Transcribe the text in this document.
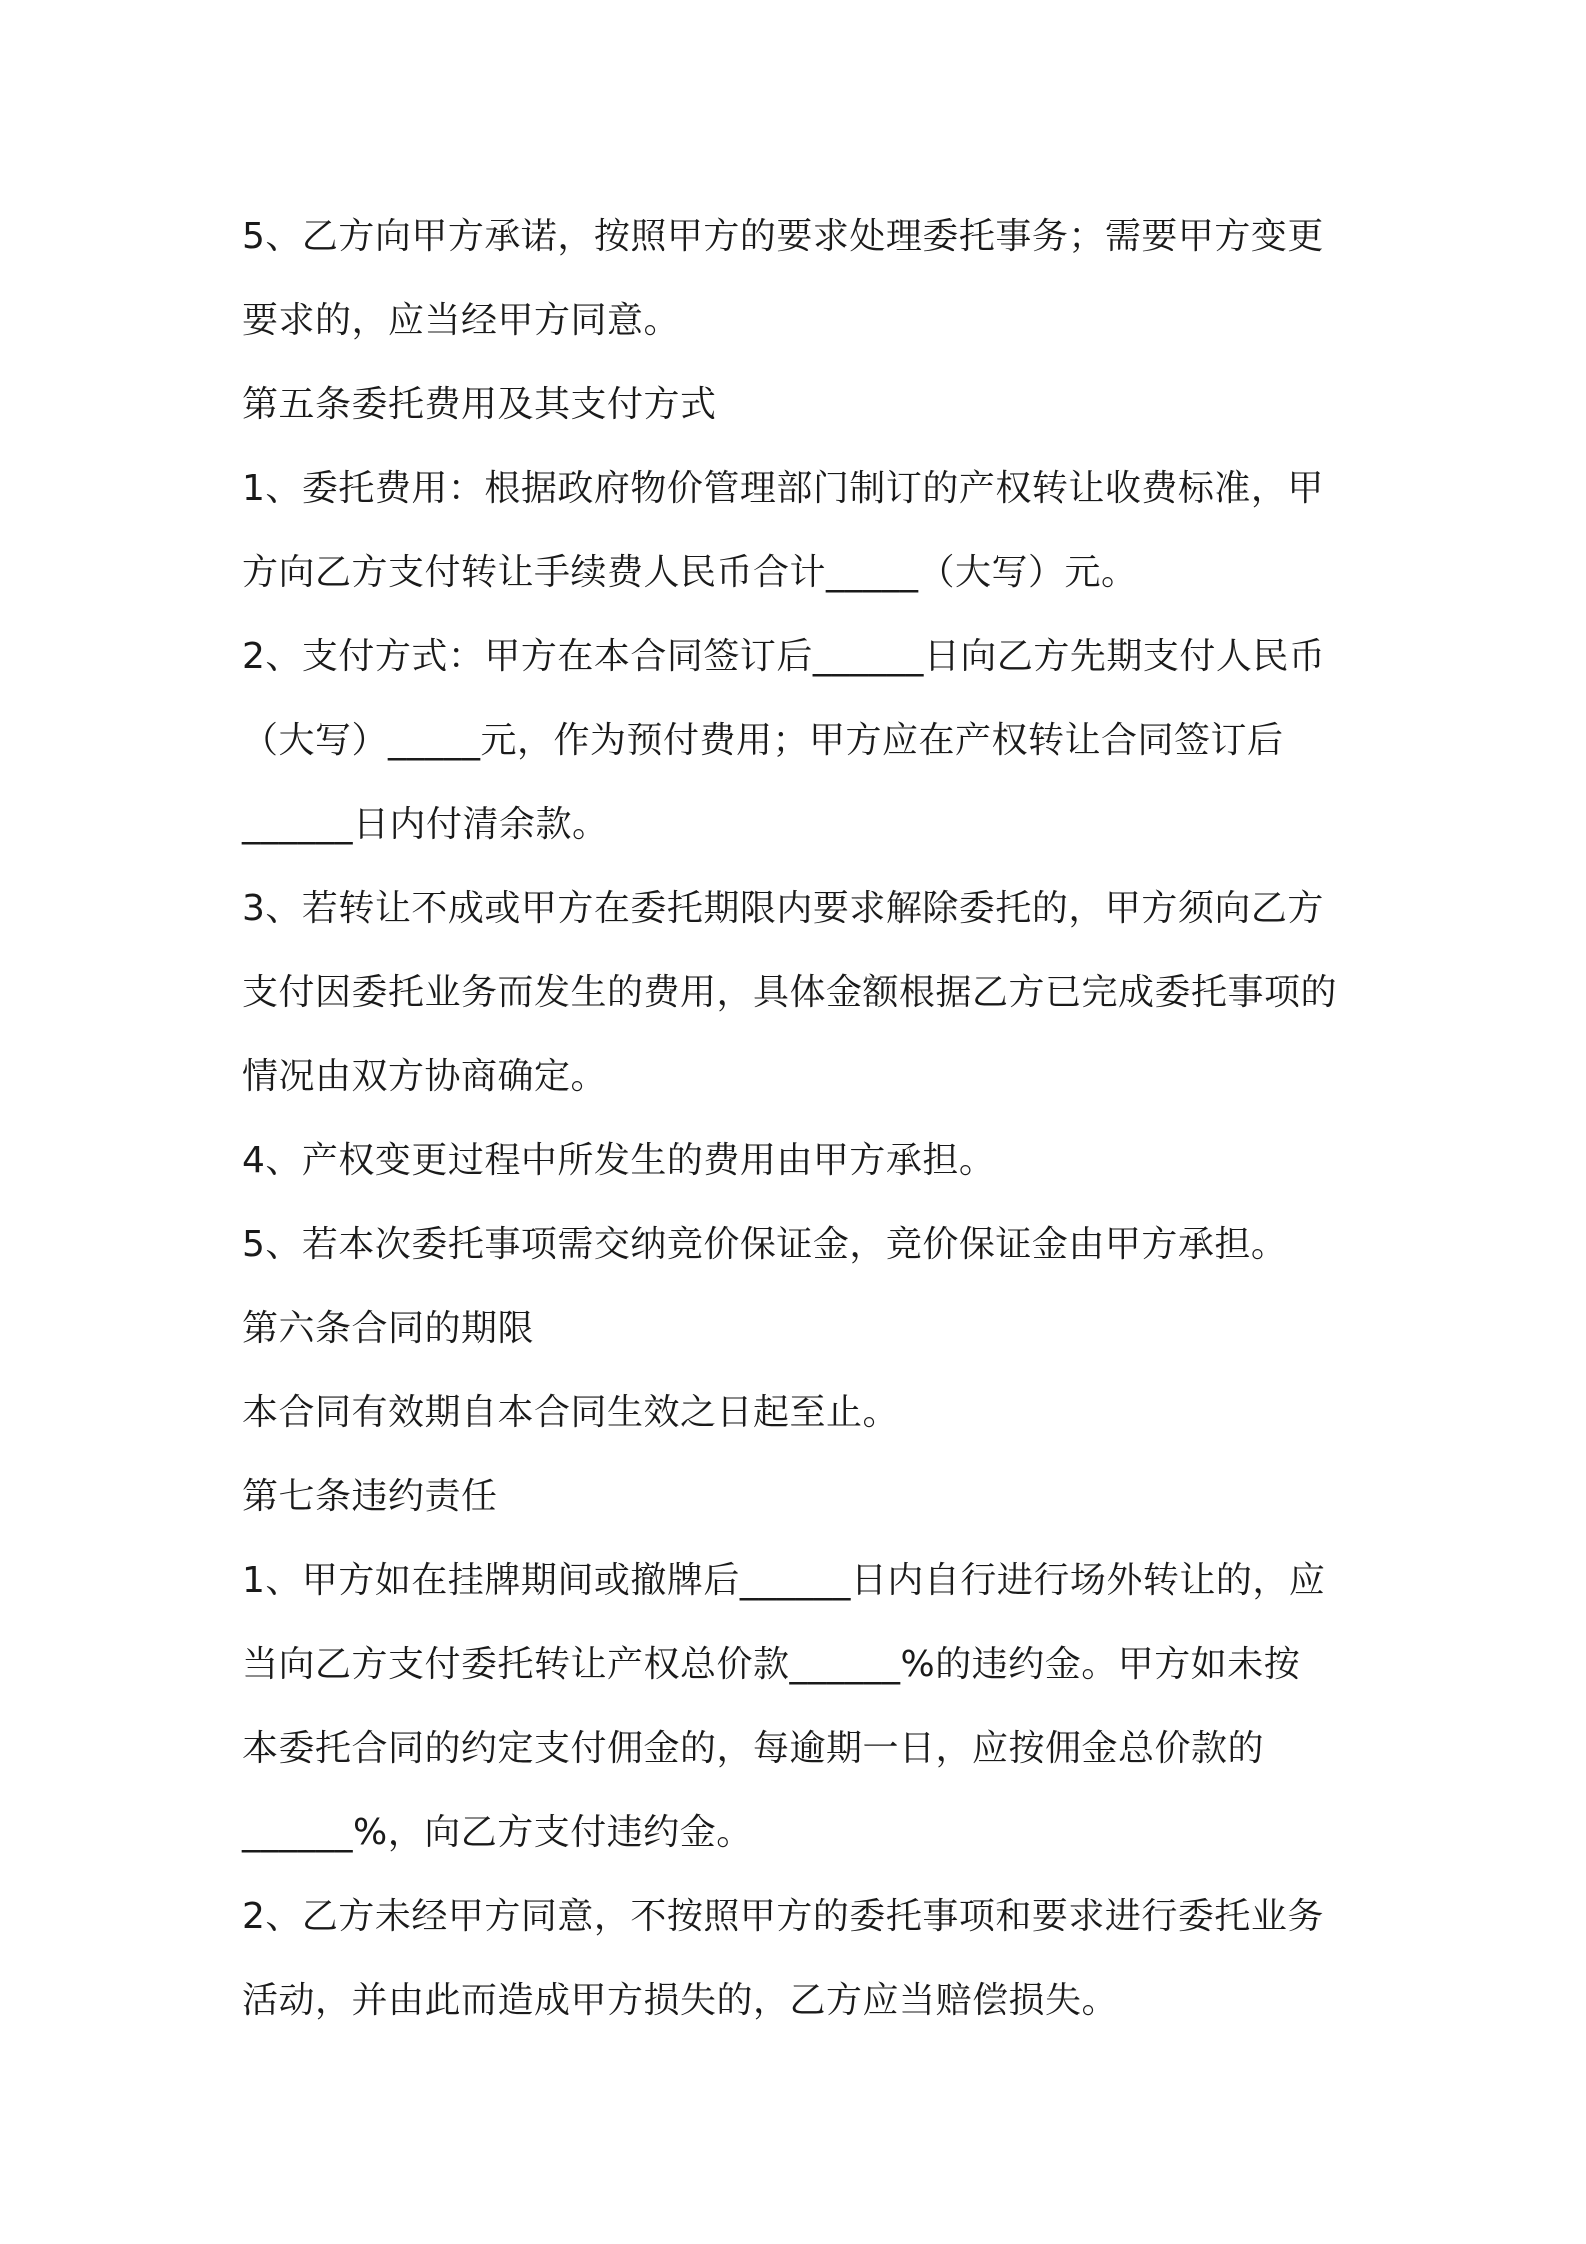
5、乙方向甲方承诺，按照甲方的要求处理委托事务；需要甲方变更
要求的，应当经甲方同意。
第五条委托费用及其支付方式
1、委托费用：根据政府物价管理部门制订的产权转让收费标准，甲
方向乙方支付转让手续费人民币合计_____（大写）元。
2、支付方式：甲方在本合同签订后______日向乙方先期支付人民币
（大写）_____元，作为预付费用；甲方应在产权转让合同签订后
______日内付清余款。
3、若转让不成或甲方在委托期限内要求解除委托的，甲方须向乙方
支付因委托业务而发生的费用，具体金额根据乙方已完成委托事项的
情况由双方协商确定。
4、产权变更过程中所发生的费用由甲方承担。
5、若本次委托事项需交纳竞价保证金，竞价保证金由甲方承担。
第六条合同的期限
本合同有效期自本合同生效之日起至止。
第七条违约责任
1、甲方如在挂牌期间或撤牌后______日内自行进行场外转让的，应
当向乙方支付委托转让产权总价款______%的违约金。甲方如未按
本委托合同的约定支付佣金的，每逾期一日，应按佣金总价款的
______%，向乙方支付违约金。
2、乙方未经甲方同意，不按照甲方的委托事项和要求进行委托业务
活动，并由此而造成甲方损失的，乙方应当赔偿损失。
